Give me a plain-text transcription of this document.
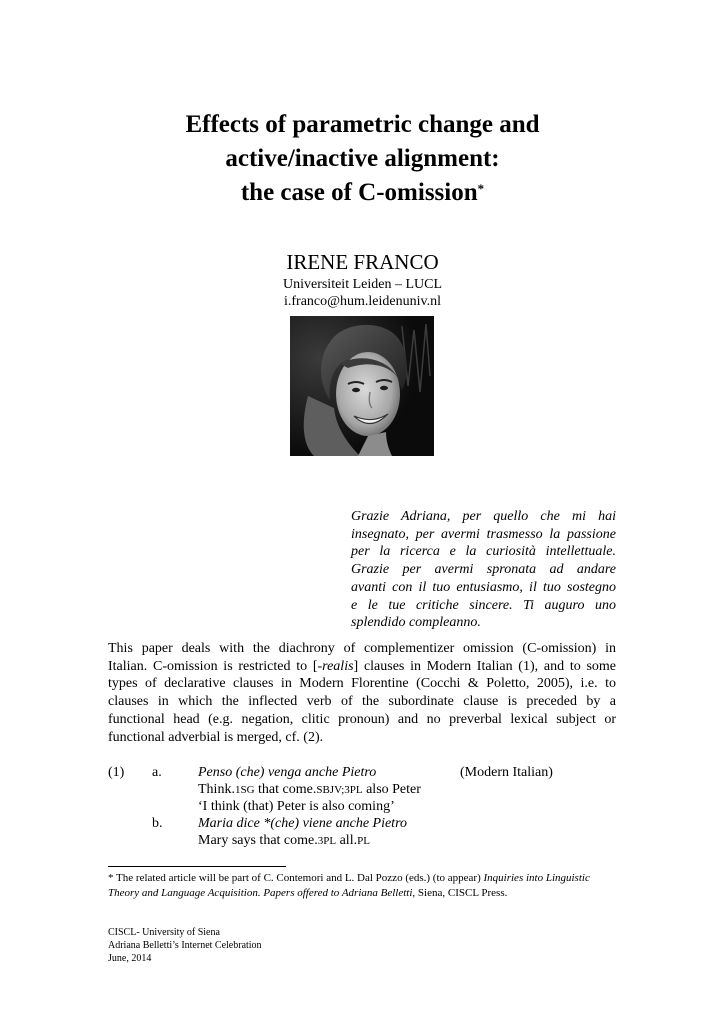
Effects of parametric change and
active/inactive alignment:
the case of C-omission*
IRENE FRANCO
Universiteit Leiden – LUCL
i.franco@hum.leidenuniv.nl
Grazie Adriana, per quello che mi hai
insegnato, per avermi trasmesso la passione
per la ricerca e la curiosità intellettuale.
Grazie per avermi spronata ad andare
avanti con il tuo entusiasmo, il tuo sostegno
e le tue critiche sincere. Ti auguro uno
splendido compleanno.
This paper deals with the diachrony of complementizer omission (C-omission) in
Italian. C-omission is restricted to [-realis] clauses in Modern Italian (1), and to some
types of declarative clauses in Modern Florentine (Cocchi & Poletto, 2005), i.e. to
clauses in which the inflected verb of the subordinate clause is preceded by a
functional head (e.g. negation, clitic pronoun) and no preverbal lexical subject or
functional adverbial is merged, cf. (2).
(1) a.	Penso (che) venga anche Pietro	(Modern Italian)
Think.1SG that come.SBJV;3PL also Peter
‘I think (that) Peter is also coming’
b.	Maria dice *(che) viene anche Pietro
Mary says that come.3PL all.PL
* The related article will be part of C. Contemori and L. Dal Pozzo (eds.) (to appear) Inquiries into Linguistic Theory and Language Acquisition. Papers offered to Adriana Belletti, Siena, CISCL Press.
CISCL- University of Siena
Adriana Belletti’s Internet Celebration
June, 2014
